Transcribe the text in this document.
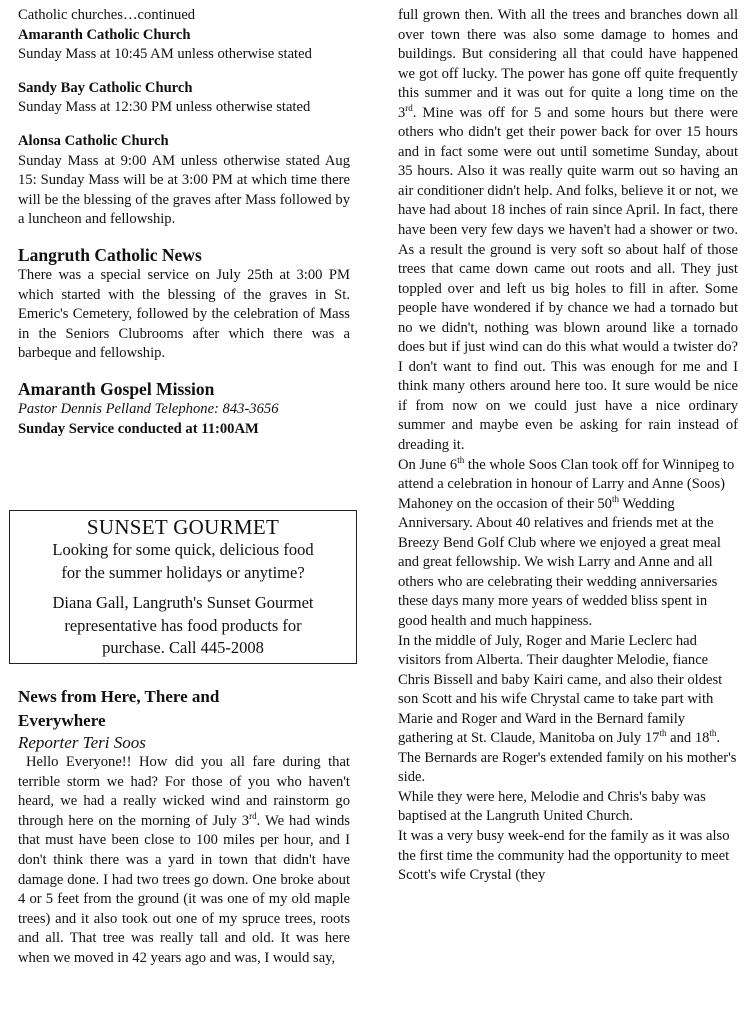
Catholic churches…continued

Amaranth Catholic Church

Sunday Mass at 10:45 AM unless otherwise stated

Sandy Bay Catholic Church

Sunday Mass at 12:30 PM unless otherwise stated

Alonsa Catholic Church

Sunday Mass at 9:00 AM unless otherwise stated Aug 15: Sunday Mass will be at 3:00 PM at which time there will be the blessing of the graves after Mass followed by a luncheon and fellowship.

Langruth Catholic News

There was a special service on July 25th at 3:00 PM which started with the blessing of the graves in St. Emeric's Cemetery, followed by the celebration of Mass in the Seniors Clubrooms after which there was a barbeque and fellowship.

Amaranth Gospel Mission

Pastor Dennis Pelland Telephone: 843-3656

Sunday Service conducted at 11:00AM

SUNSET GOURMET
Looking for some quick, delicious food
for the summer holidays or anytime?
Diana Gall, Langruth's Sunset Gourmet
representative has food products for
purchase. Call 445-2008
News from Here, There and
Everywhere
Reporter Teri Soos

Hello Everyone!! How did you all fare during that terrible storm we had? For those of you who haven't heard, we had a really wicked wind and rainstorm go through here on the morning of July 3rd. We had winds that must have been close to 100 miles per hour, and I don't think there was a yard in town that didn't have damage done. I had two trees go down. One broke about 4 or 5 feet from the ground (it was one of my old maple trees) and it also took out one of my spruce trees, roots and all. That tree was really tall and old. It was here when we moved in 42 years ago and was, I would say,

full grown then. With all the trees and branches down all over town there was also some damage to homes and buildings. But considering all that could have happened we got off lucky. The power has gone off quite frequently this summer and it was out for quite a long time on the 3rd. Mine was off for 5 and some hours but there were others who didn't get their power back for over 15 hours and in fact some were out until sometime Sunday, about 35 hours. Also it was really quite warm out so having an air conditioner didn't help. And folks, believe it or not, we have had about 18 inches of rain since April. In fact, there have been very few days we haven't had a shower or two. As a result the ground is very soft so about half of those trees that came down came out roots and all. They just toppled over and left us big holes to fill in after. Some people have wondered if by chance we had a tornado but no we didn't, nothing was blown around like a tornado does but if just wind can do this what would a twister do? I don't want to find out. This was enough for me and I think many others around here too. It sure would be nice if from now on we could just have a nice ordinary summer and maybe even be asking for rain instead of dreading it.

On June 6th the whole Soos Clan took off for Winnipeg to attend a celebration in honour of Larry and Anne (Soos) Mahoney on the occasion of their 50th Wedding Anniversary. About 40 relatives and friends met at the Breezy Bend Golf Club where we enjoyed a great meal and great fellowship. We wish Larry and Anne and all others who are celebrating their wedding anniversaries these days many more years of wedded bliss spent in good health and much happiness.

In the middle of July, Roger and Marie Leclerc had visitors from Alberta. Their daughter Melodie, fiance Chris Bissell and baby Kairi came, and also their oldest son Scott and his wife Chrystal came to take part with Marie and Roger and Ward in the Bernard family gathering at St. Claude, Manitoba on July 17th and 18th.

The Bernards are Roger's extended family on his mother's side.

While they were here, Melodie and Chris's baby was baptised at the Langruth United Church.

It was a very busy week-end for the family as it was also the first time the community had the opportunity to meet Scott's wife Crystal (they
